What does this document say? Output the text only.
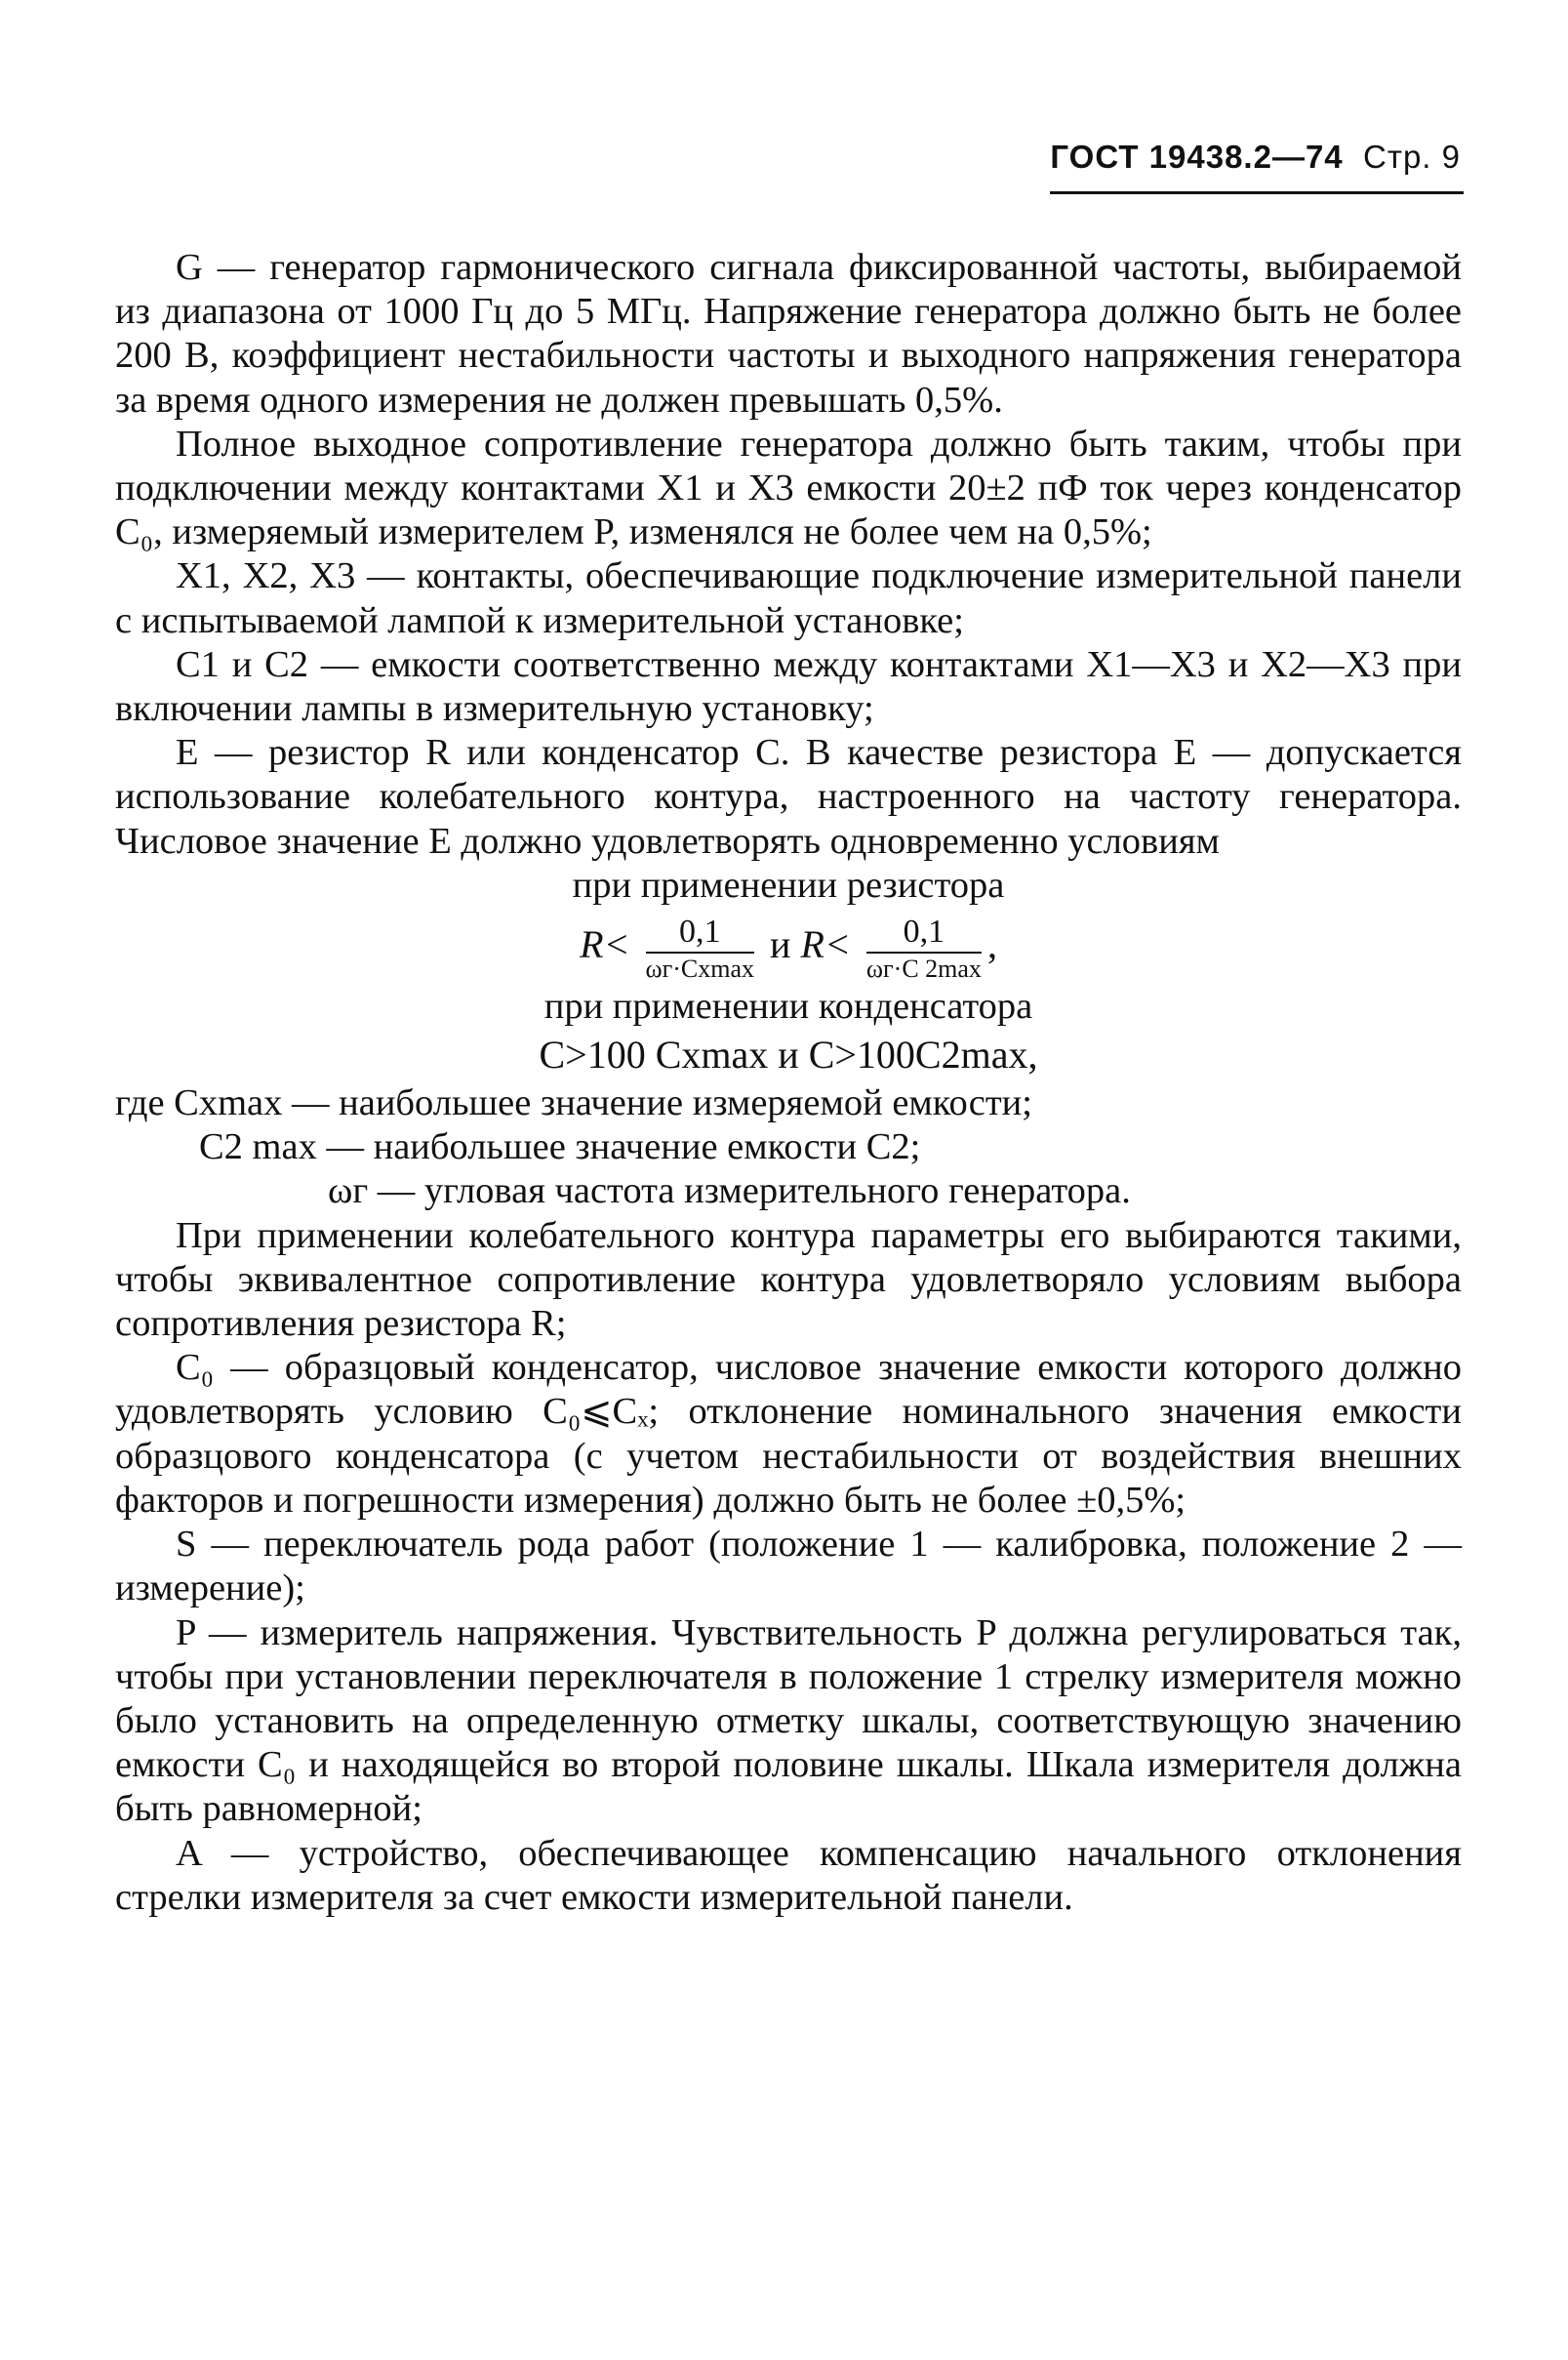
ГОСТ 19438.2—74 Стр. 9

G — генератор гармонического сигнала фиксированной частоты, выбираемой из диапазона от 1000 Гц до 5 МГц. Напряжение генератора должно быть не более 200 В, коэффициент нестабильности частоты и выходного напряжения генератора за время одного измерения не должен превышать 0,5%.

Полное выходное сопротивление генератора должно быть таким, чтобы при подключении между контактами X1 и X3 емкости 20±2 пФ ток через конденсатор C₀, измеряемый измерителем P, изменялся не более чем на 0,5%;

X1, X2, X3 — контакты, обеспечивающие подключение измерительной панели с испытываемой лампой к измерительной установке;

C1 и C2 — емкости соответственно между контактами X1—X3 и X2—X3 при включении лампы в измерительную установку;

E — резистор R или конденсатор C. В качестве резистора E — допускается использование колебательного контура, настроенного на частоту генератора. Числовое значение E должно удовлетворять одновременно условиям

при применении резистора

$R< \frac{0,1}{\omega г\cdot Cxmax}$ и $R< \frac{0,1}{\omega г\cdot C 2\max}$ ,

при применении конденсатора

C>100 Cxmax и C>100C2max,

где Cxmax — наибольшее значение измеряемой емкости;
C2 max — наибольшее значение емкости C2;
ωг — угловая частота измерительного генератора.

При применении колебательного контура параметры его выбираются такими, чтобы эквивалентное сопротивление контура удовлетворяло условиям выбора сопротивления резистора R;

C₀ — образцовый конденсатор, числовое значение емкости которого должно удовлетворять условию C₀⩽Cₓ; отклонение номинального значения емкости образцового конденсатора (с учетом нестабильности от воздействия внешних факторов и погрешности измерения) должно быть не более ±0,5%;

S — переключатель рода работ (положение 1 — калибровка, положение 2 — измерение);

P — измеритель напряжения. Чувствительность P должна регулироваться так, чтобы при установлении переключателя в положение 1 стрелку измерителя можно было установить на определенную отметку шкалы, соответствующую значению емкости C₀ и находящейся во второй половине шкалы. Шкала измерителя должна быть равномерной;

A — устройство, обеспечивающее компенсацию начального отклонения стрелки измерителя за счет емкости измерительной панели.
